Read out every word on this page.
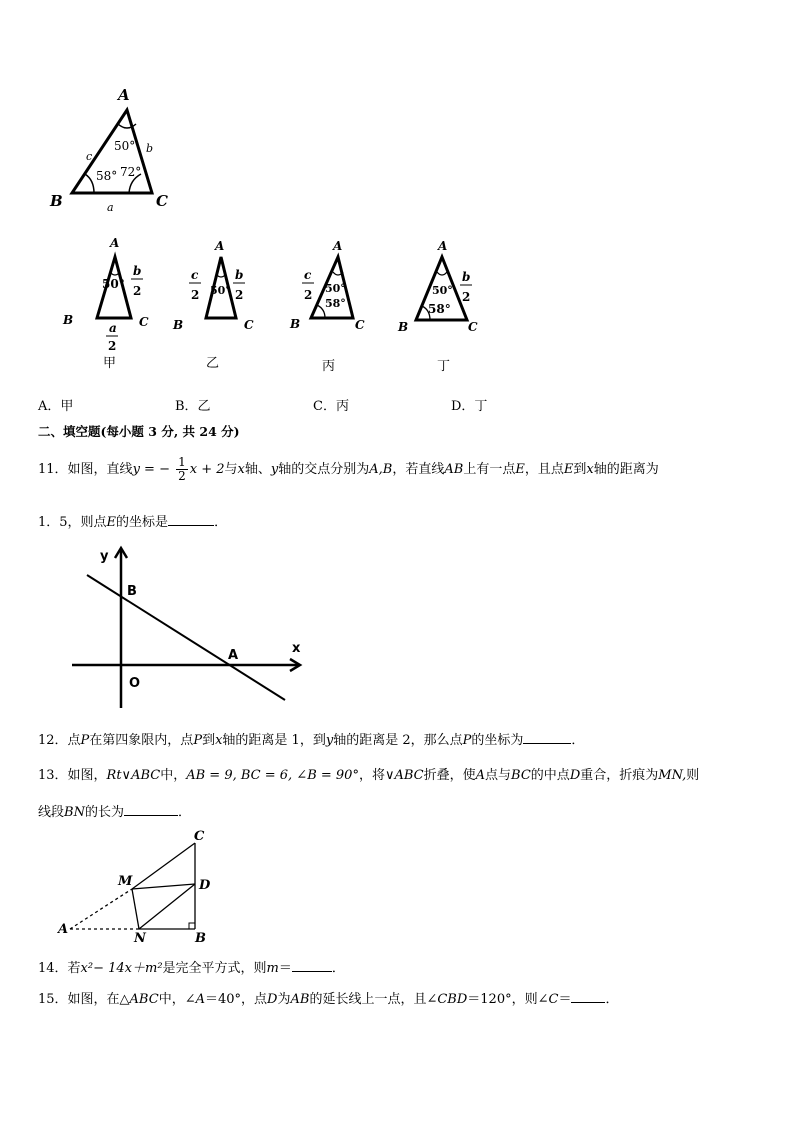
A
B	C
c
b
a
50°
58° 72°
A
B	C
50°
b
2
a
2
甲
A
B	C
50°
c
2
b
2
乙
A
B	C
50°
58°
c
2
丙
A
B	C
50°
58°
b
2
丁
A．甲	B．乙	C．丙	D．丁
二、填空题(每小题 3 分, 共 24 分)
11．如图，直线y = − $\frac{1}{2}$ x + 2与x轴、y轴的交点分别为A,B，若直线AB上有一点E，且点E到x轴的距离为
1．5，则点E的坐标是	．
y
x
B
A
O
12．点P在第四象限内，点P到x轴的距离是 1，到y轴的距离是 2，那么点P的坐标为	．
13．如图，Rt∨ABC中，AB = 9, BC = 6, ∠B = 90°，将∨ABC折叠，使A点与BC的中点D重合，折痕为MN,则
线段BN的长为	．
C
M	D
A
N	B
14．若x²− 14x＋m²是完全平方式，则m＝	．
15．如图，在△ABC中，∠A＝40°，点D为AB的延长线上一点，且∠CBD＝120°，则∠C＝	．
